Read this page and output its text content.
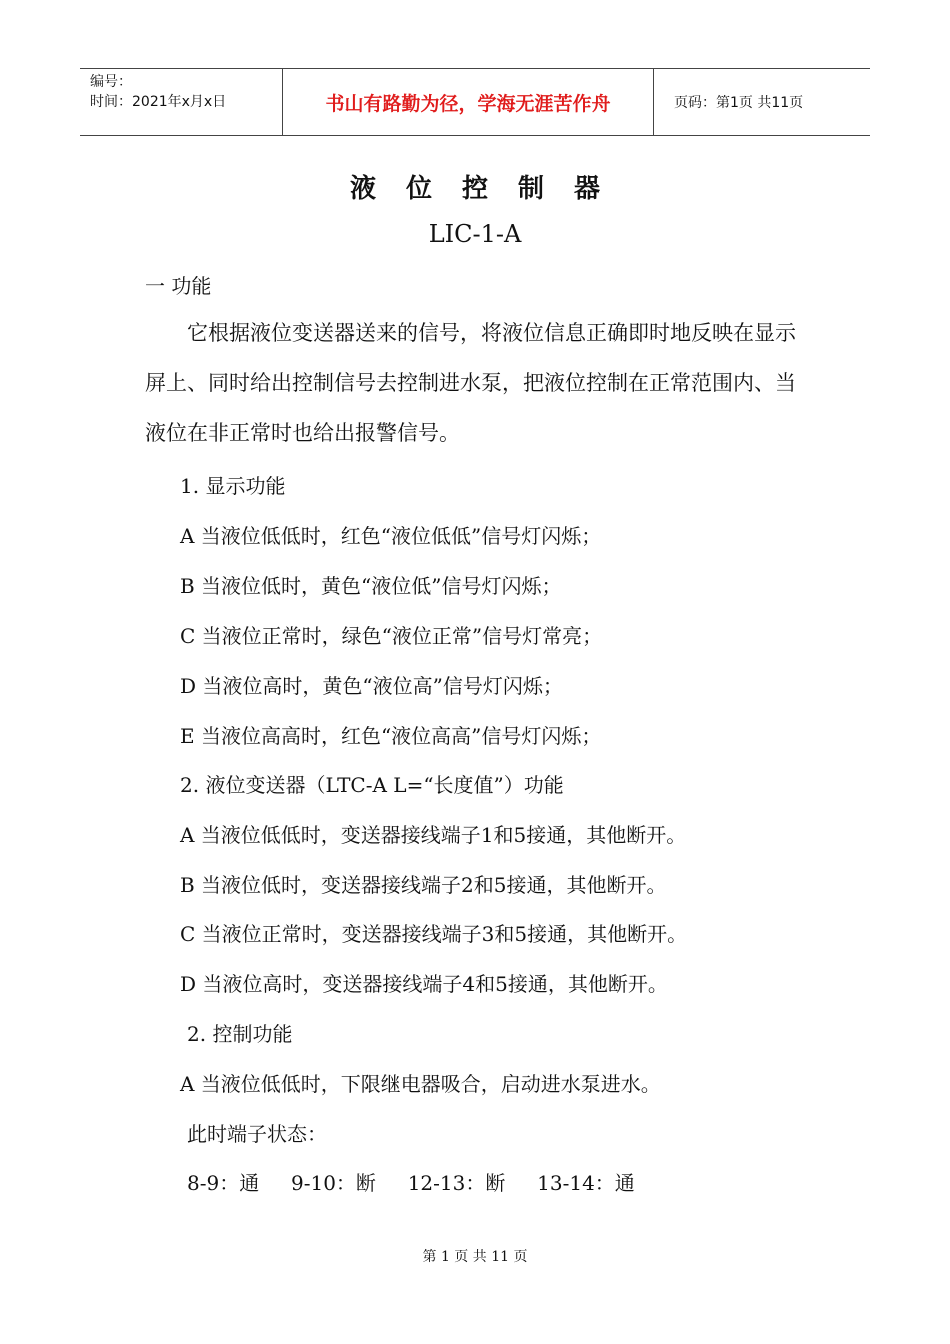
编号：
时间：2021年x月x日	书山有路勤为径，学海无涯苦作舟	页码：第1页 共11页
液位控制器
LIC-1-A
一 功能
它根据液位变送器送来的信号，将液位信息正确即时地反映在显示屏上、同时给出控制信号去控制进水泵，把液位控制在正常范围内、当液位在非正常时也给出报警信号。
1. 显示功能
A 当液位低低时，红色“液位低低”信号灯闪烁；
B 当液位低时，黄色“液位低”信号灯闪烁；
C 当液位正常时，绿色“液位正常”信号灯常亮；
D 当液位高时，黄色“液位高”信号灯闪烁；
E 当液位高高时，红色“液位高高”信号灯闪烁；
2. 液位变送器（LTC-A L=“长度值”）功能
A 当液位低低时，变送器接线端子1和5接通，其他断开。
B 当液位低时，变送器接线端子2和5接通，其他断开。
C 当液位正常时，变送器接线端子3和5接通，其他断开。
D 当液位高时，变送器接线端子4和5接通，其他断开。
2. 控制功能
A 当液位低低时，下限继电器吸合，启动进水泵进水。
此时端子状态：
8-9：通     9-10：断     12-13：断     13-14：通
第 1 页 共 11 页
